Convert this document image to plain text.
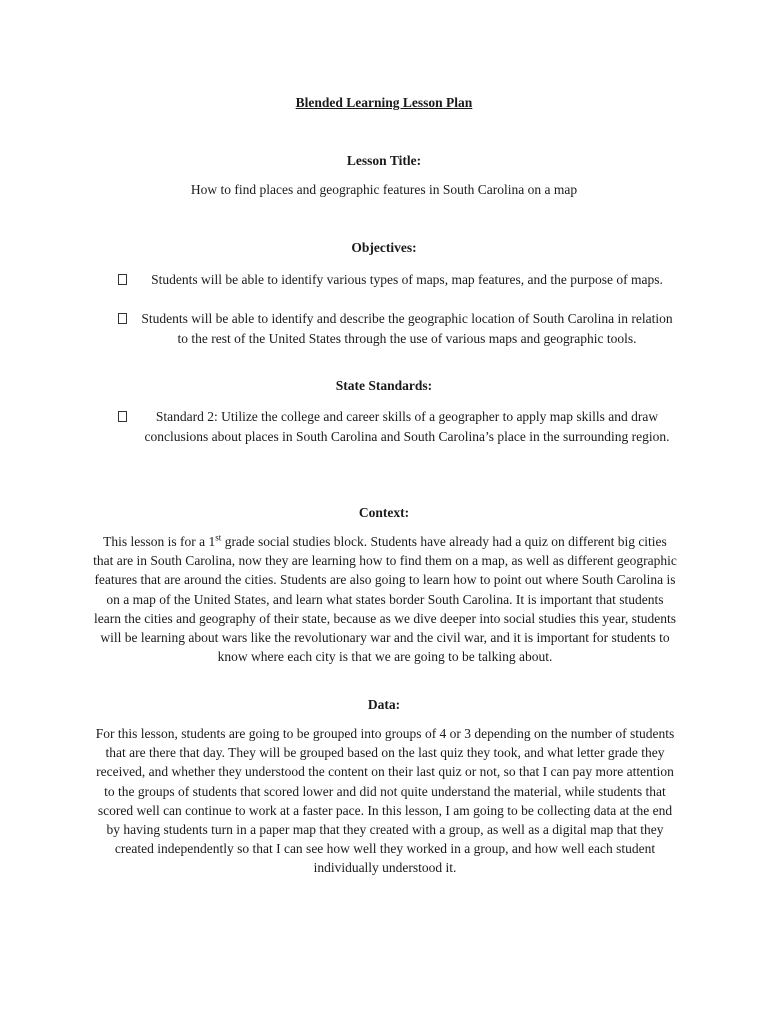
Blended Learning Lesson Plan
Lesson Title:
How to find places and geographic features in South Carolina on a map
Objectives:
Students will be able to identify various types of maps, map features, and the purpose of maps.
Students will be able to identify and describe the geographic location of South Carolina in relation to the rest of the United States through the use of various maps and geographic tools.
State Standards:
Standard 2: Utilize the college and career skills of a geographer to apply map skills and draw conclusions about places in South Carolina and South Carolina’s place in the surrounding region.
Context:
This lesson is for a 1st grade social studies block. Students have already had a quiz on different big cities that are in South Carolina, now they are learning how to find them on a map, as well as different geographic features that are around the cities. Students are also going to learn how to point out where South Carolina is on a map of the United States, and learn what states border South Carolina. It is important that students learn the cities and geography of their state, because as we dive deeper into social studies this year, students will be learning about wars like the revolutionary war and the civil war, and it is important for students to know where each city is that we are going to be talking about.
Data:
For this lesson, students are going to be grouped into groups of 4 or 3 depending on the number of students that are there that day. They will be grouped based on the last quiz they took, and what letter grade they received, and whether they understood the content on their last quiz or not, so that I can pay more attention to the groups of students that scored lower and did not quite understand the material, while students that scored well can continue to work at a faster pace. In this lesson, I am going to be collecting data at the end by having students turn in a paper map that they created with a group, as well as a digital map that they created independently so that I can see how well they worked in a group, and how well each student individually understood it.
